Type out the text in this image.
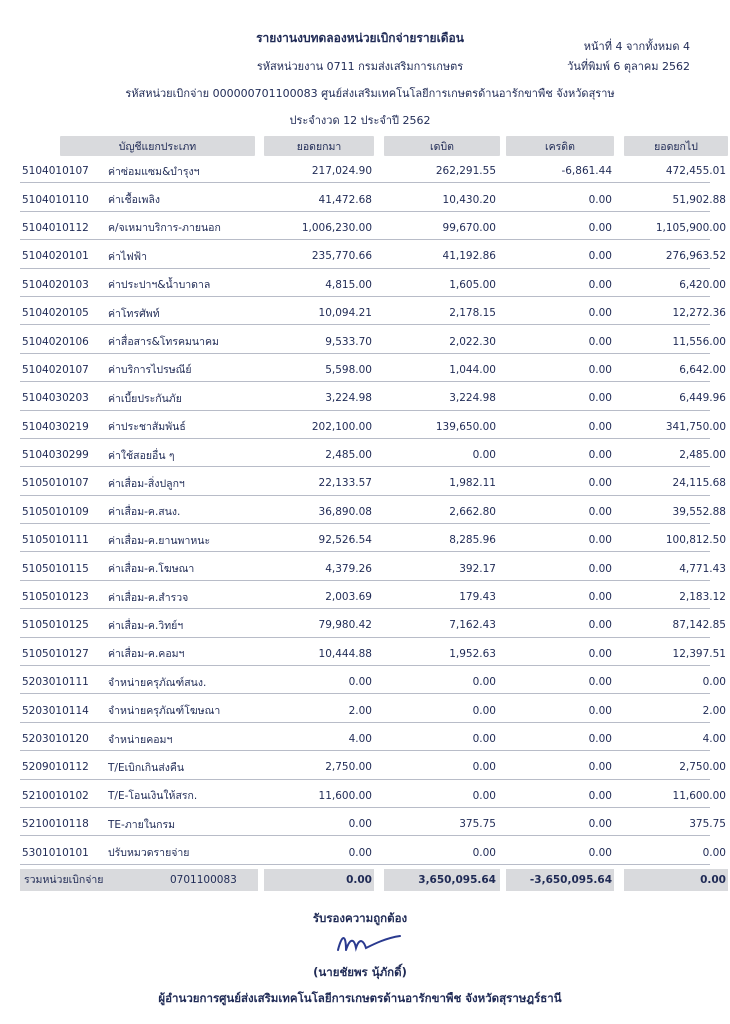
รายงานงบทดลองหน่วยเบิกจ่ายรายเดือน
รหัสหน่วยงาน 0711 กรมส่งเสริมการเกษตร
รหัสหน่วยเบิกจ่าย 000000701100083 ศูนย์ส่งเสริมเทคโนโลยีการเกษตรด้านอารักขาพืช จังหวัดสุราษ
ประจำงวด 12 ประจำปี 2562
หน้าที่ 4 จากทั้งหมด 4
วันที่พิมพ์ 6 ตุลาคม 2562
บัญชีแยกประเภท	ยอดยกมา	เดบิต	เครดิต	ยอดยกไป
5104010107	ค่าซ่อมแซม&บำรุงฯ	217,024.90	262,291.55	-6,861.44	472,455.01
5104010110	ค่าเชื้อเพลิง	41,472.68	10,430.20	0.00	51,902.88
5104010112	ค/จเหมาบริการ-ภายนอก	1,006,230.00	99,670.00	0.00	1,105,900.00
5104020101	ค่าไฟฟ้า	235,770.66	41,192.86	0.00	276,963.52
5104020103	ค่าประปาฯ&น้ำบาดาล	4,815.00	1,605.00	0.00	6,420.00
5104020105	ค่าโทรศัพท์	10,094.21	2,178.15	0.00	12,272.36
5104020106	ค่าสื่อสาร&โทรคมนาคม	9,533.70	2,022.30	0.00	11,556.00
5104020107	ค่าบริการไปรษณีย์	5,598.00	1,044.00	0.00	6,642.00
5104030203	ค่าเบี้ยประกันภัย	3,224.98	3,224.98	0.00	6,449.96
5104030219	ค่าประชาสัมพันธ์	202,100.00	139,650.00	0.00	341,750.00
5104030299	ค่าใช้สอยอื่น ๆ	2,485.00	0.00	0.00	2,485.00
5105010107	ค่าเสื่อม-สิ่งปลูกฯ	22,133.57	1,982.11	0.00	24,115.68
5105010109	ค่าเสื่อม-ค.สนง.	36,890.08	2,662.80	0.00	39,552.88
5105010111	ค่าเสื่อม-ค.ยานพาหนะ	92,526.54	8,285.96	0.00	100,812.50
5105010115	ค่าเสื่อม-ค.โฆษณา	4,379.26	392.17	0.00	4,771.43
5105010123	ค่าเสื่อม-ค.สำรวจ	2,003.69	179.43	0.00	2,183.12
5105010125	ค่าเสื่อม-ค.วิทย์ฯ	79,980.42	7,162.43	0.00	87,142.85
5105010127	ค่าเสื่อม-ค.คอมฯ	10,444.88	1,952.63	0.00	12,397.51
5203010111	จำหน่ายครุภัณฑ์สนง.	0.00	0.00	0.00	0.00
5203010114	จำหน่ายครุภัณฑ์โฆษณา	2.00	0.00	0.00	2.00
5203010120	จำหน่ายคอมฯ	4.00	0.00	0.00	4.00
5209010112	T/Eเบิกเกินส่งคืน	2,750.00	0.00	0.00	2,750.00
5210010102	T/E-โอนเงินให้สรก.	11,600.00	0.00	0.00	11,600.00
5210010118	TE-ภายในกรม	0.00	375.75	0.00	375.75
5301010101	ปรับหมวดรายจ่าย	0.00	0.00	0.00	0.00
รวมหน่วยเบิกจ่าย	0701100083	0.00	3,650,095.64	-3,650,095.64	0.00
รับรองความถูกต้อง
(นายชัยพร นุ้ภักดิ์)
ผู้อำนวยการศูนย์ส่งเสริมเทคโนโลยีการเกษตรด้านอารักขาพืช จังหวัดสุราษฎร์ธานี
